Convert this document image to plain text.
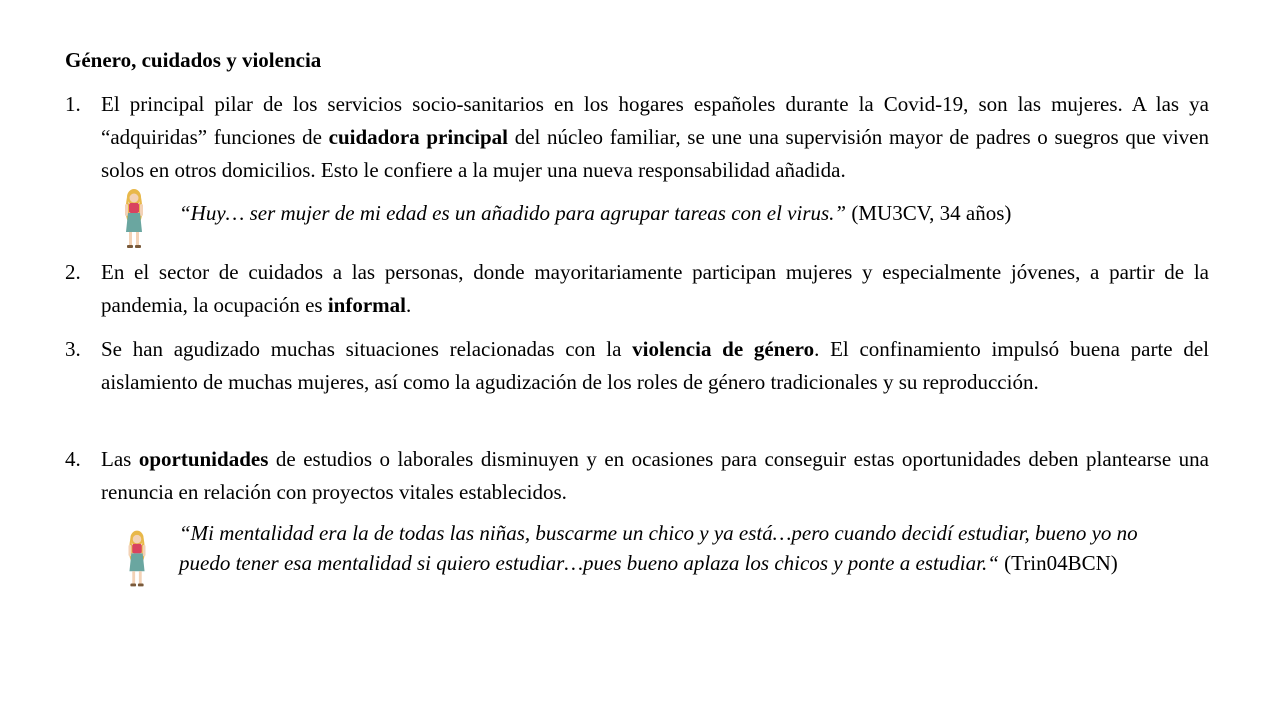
Género, cuidados y violencia
1. El principal pilar de los servicios socio-sanitarios en los hogares españoles durante la Covid-19, son las mujeres. A las ya “adquiridas” funciones de cuidadora principal del núcleo familiar, se une una supervisión mayor de padres o suegros que viven solos en otros domicilios. Esto le confiere a la mujer una nueva responsabilidad añadida.
“Huy… ser mujer de mi edad es un añadido para agrupar tareas con el virus.” (MU3CV, 34 años)
2. En el sector de cuidados a las personas, donde mayoritariamente participan mujeres y especialmente jóvenes, a partir de la pandemia, la ocupación es informal.
3. Se han agudizado muchas situaciones relacionadas con la violencia de género. El confinamiento impulsó buena parte del aislamiento de muchas mujeres, así como la agudización de los roles de género tradicionales y su reproducción.
4. Las oportunidades de estudios o laborales disminuyen y en ocasiones para conseguir estas oportunidades deben plantearse una renuncia en relación con proyectos vitales establecidos.
“Mi mentalidad era la de todas las niñas, buscarme un chico y ya está…pero cuando decidí estudiar, bueno yo no puedo tener esa mentalidad si quiero estudiar…pues bueno aplaza los chicos y ponte a estudiar.“ (Trin04BCN)
